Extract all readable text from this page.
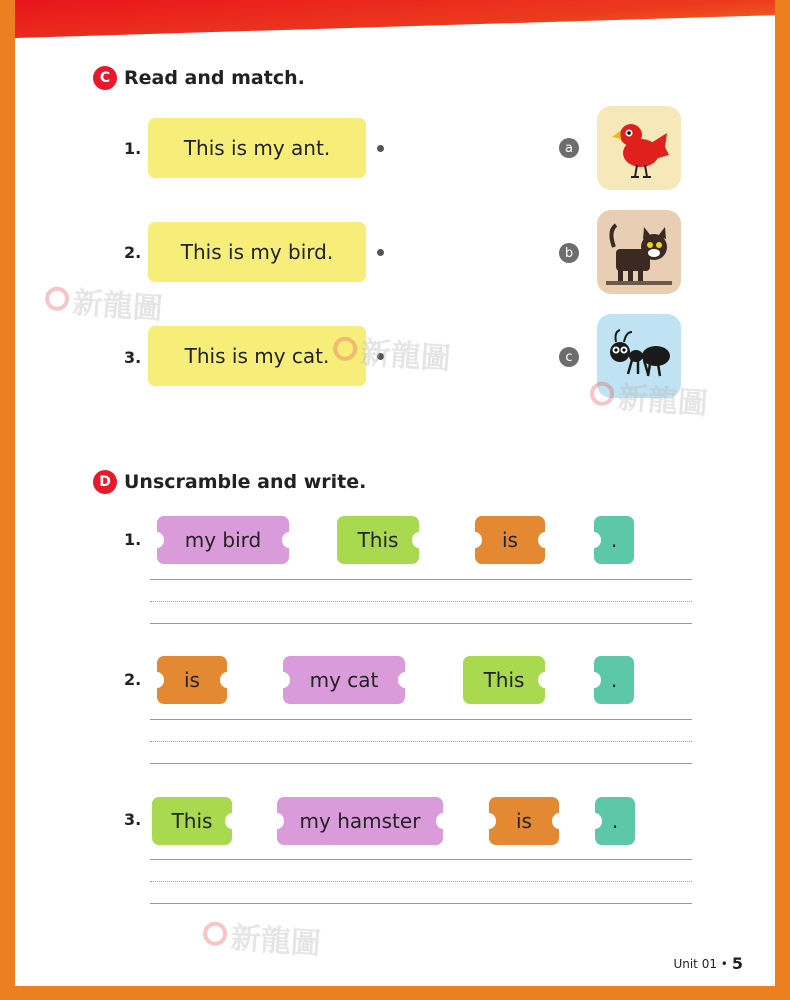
C Read and match.
1.	This is my ant.	a
2.	This is my bird.	b
3.	This is my cat.	c
D Unscramble and write.
1. my bird	This	is	.
2. is	my cat	This	.
3. This	my hamster	is	.
新龍圖
新龍圖
新龍圖
新龍圖
Unit 01 • 5
